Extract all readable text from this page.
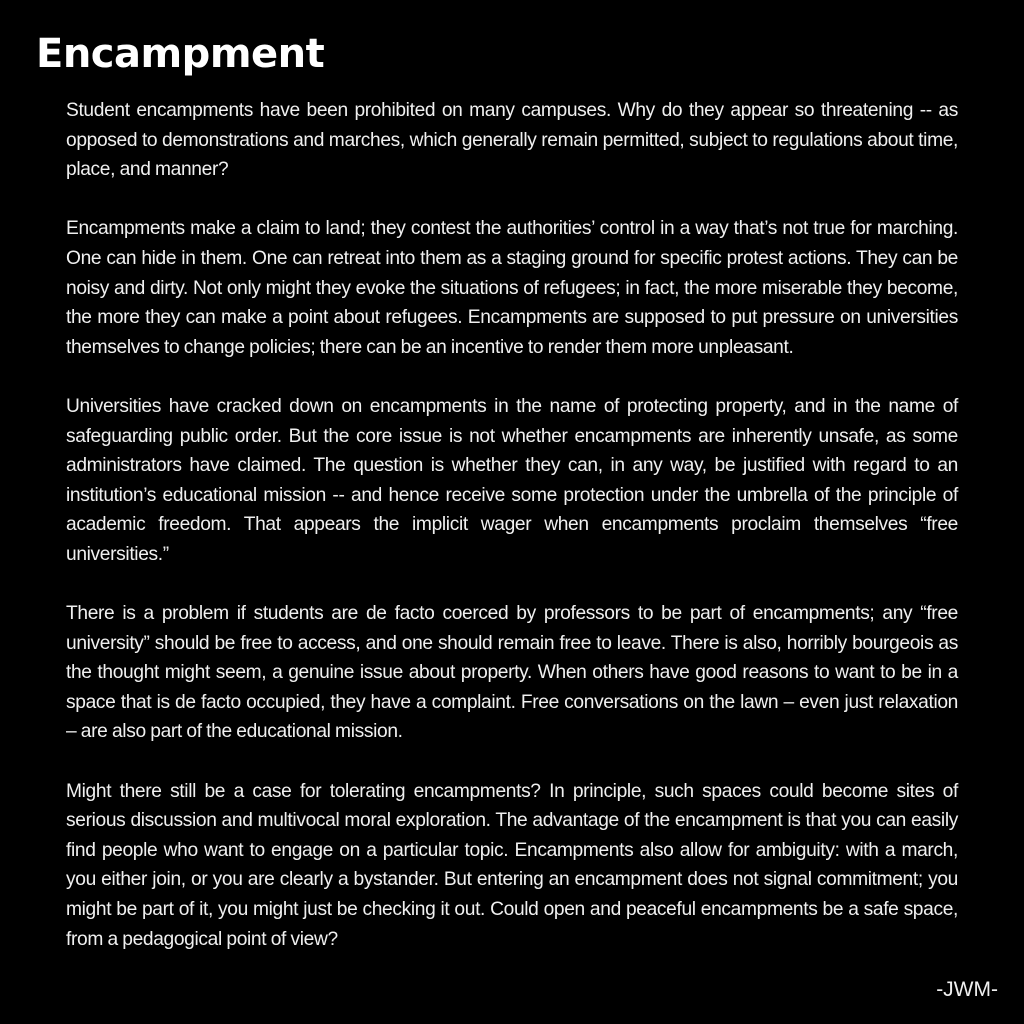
Encampment

Student encampments have been prohibited on many campuses. Why do they appear so threatening -- as opposed to demonstrations and marches, which generally remain permitted, subject to regulations about time, place, and manner?

Encampments make a claim to land; they contest the authorities’ control in a way that’s not true for marching. One can hide in them. One can retreat into them as a staging ground for specific protest actions. They can be noisy and dirty. Not only might they evoke the situations of refugees; in fact, the more miserable they become, the more they can make a point about refugees. Encampments are supposed to put pressure on universities themselves to change policies; there can be an incentive to render them more unpleasant.

Universities have cracked down on encampments in the name of protecting property, and in the name of safeguarding public order. But the core issue is not whether encampments are inherently unsafe, as some administrators have claimed. The question is whether they can, in any way, be justified with regard to an institution’s educational mission -- and hence receive some protection under the umbrella of the principle of academic freedom. That appears the implicit wager when encampments proclaim themselves “free universities.”

There is a problem if students are de facto coerced by professors to be part of encampments; any “free university” should be free to access, and one should remain free to leave. There is also, horribly bourgeois as the thought might seem, a genuine issue about property. When others have good reasons to want to be in a space that is de facto occupied, they have a complaint. Free conversations on the lawn – even just relaxation – are also part of the educational mission.

Might there still be a case for tolerating encampments? In principle, such spaces could become sites of serious discussion and multivocal moral exploration. The advantage of the encampment is that you can easily find people who want to engage on a particular topic. Encampments also allow for ambiguity: with a march, you either join, or you are clearly a bystander. But entering an encampment does not signal commitment; you might be part of it, you might just be checking it out. Could open and peaceful encampments be a safe space, from a pedagogical point of view?

-JWM-
